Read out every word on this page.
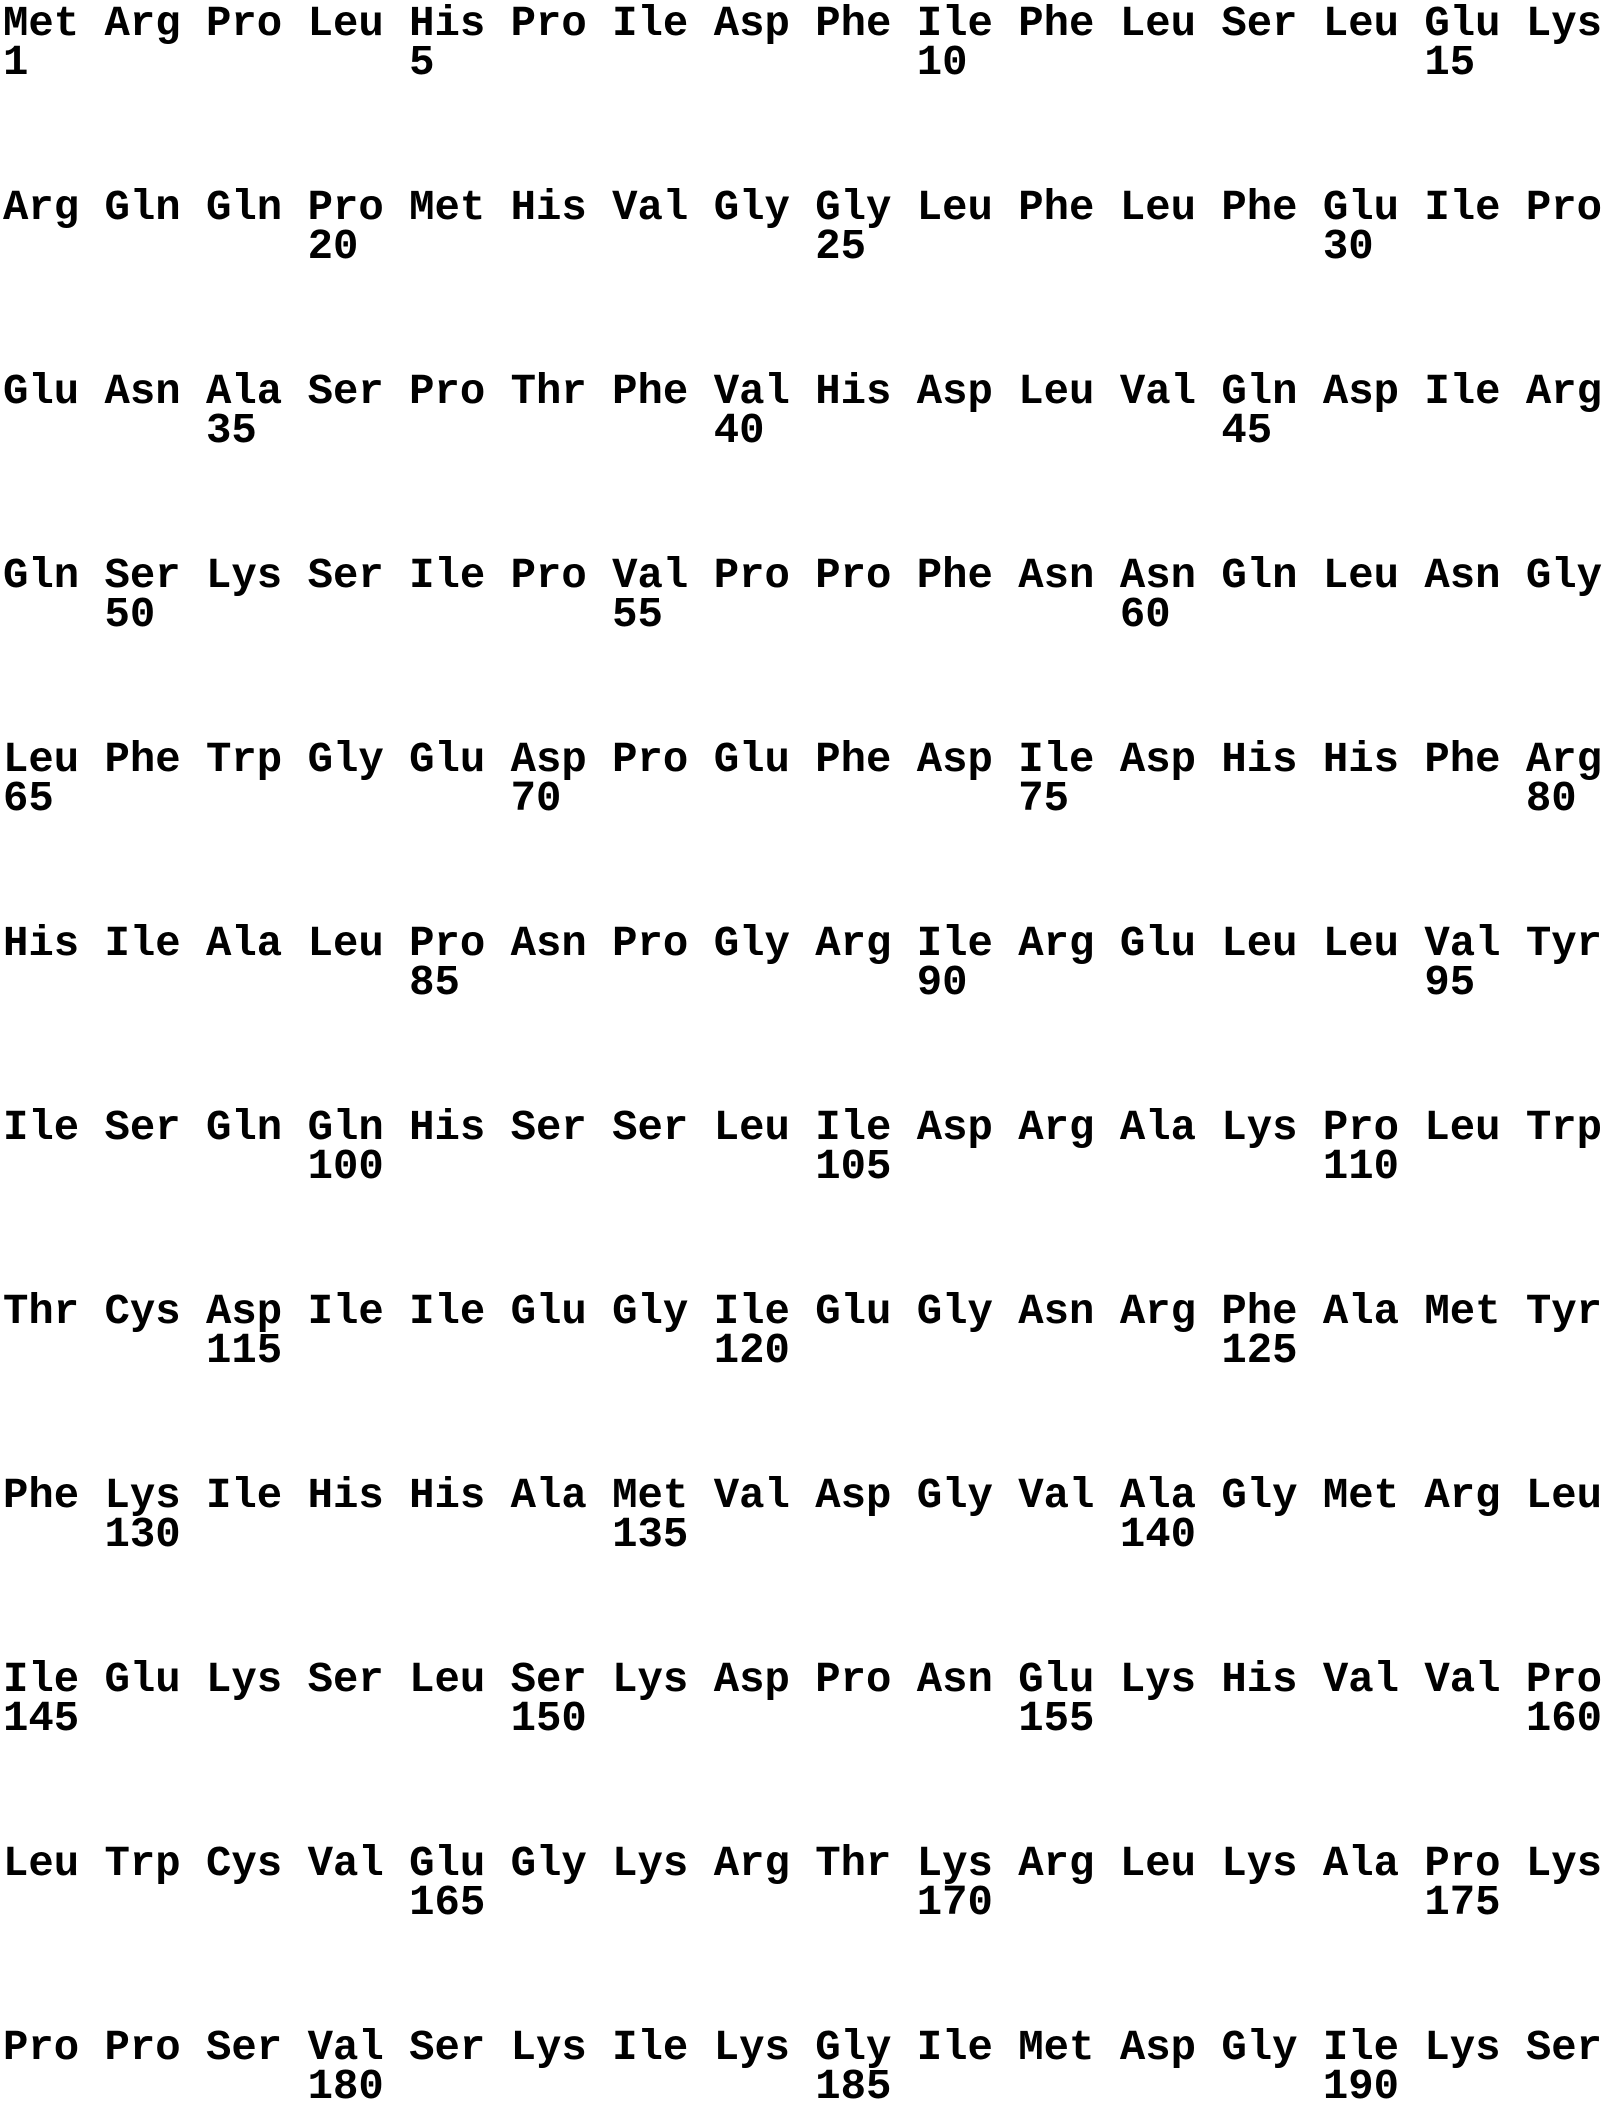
Met Arg Pro Leu His Pro Ile Asp Phe Ile Phe Leu Ser Leu Glu Lys
1	5	10	15
Arg Gln Gln Pro Met His Val Gly Gly Leu Phe Leu Phe Glu Ile Pro
20	25	30
Glu Asn Ala Ser Pro Thr Phe Val His Asp Leu Val Gln Asp Ile Arg
35	40	45
Gln Ser Lys Ser Ile Pro Val Pro Pro Phe Asn Asn Gln Leu Asn Gly
50	55	60
Leu Phe Trp Gly Glu Asp Pro Glu Phe Asp Ile Asp His His Phe Arg
65	70	75	80
His Ile Ala Leu Pro Asn Pro Gly Arg Ile Arg Glu Leu Leu Val Tyr
85	90	95
Ile Ser Gln Gln His Ser Ser Leu Ile Asp Arg Ala Lys Pro Leu Trp
100	105	110
Thr Cys Asp Ile Ile Glu Gly Ile Glu Gly Asn Arg Phe Ala Met Tyr
115	120	125
Phe Lys Ile His His Ala Met Val Asp Gly Val Ala Gly Met Arg Leu
130	135	140
Ile Glu Lys Ser Leu Ser Lys Asp Pro Asn Glu Lys His Val Val Pro
145	150	155	160
Leu Trp Cys Val Glu Gly Lys Arg Thr Lys Arg Leu Lys Ala Pro Lys
165	170	175
Pro Pro Ser Val Ser Lys Ile Lys Gly Ile Met Asp Gly Ile Lys Ser
180	185	190
